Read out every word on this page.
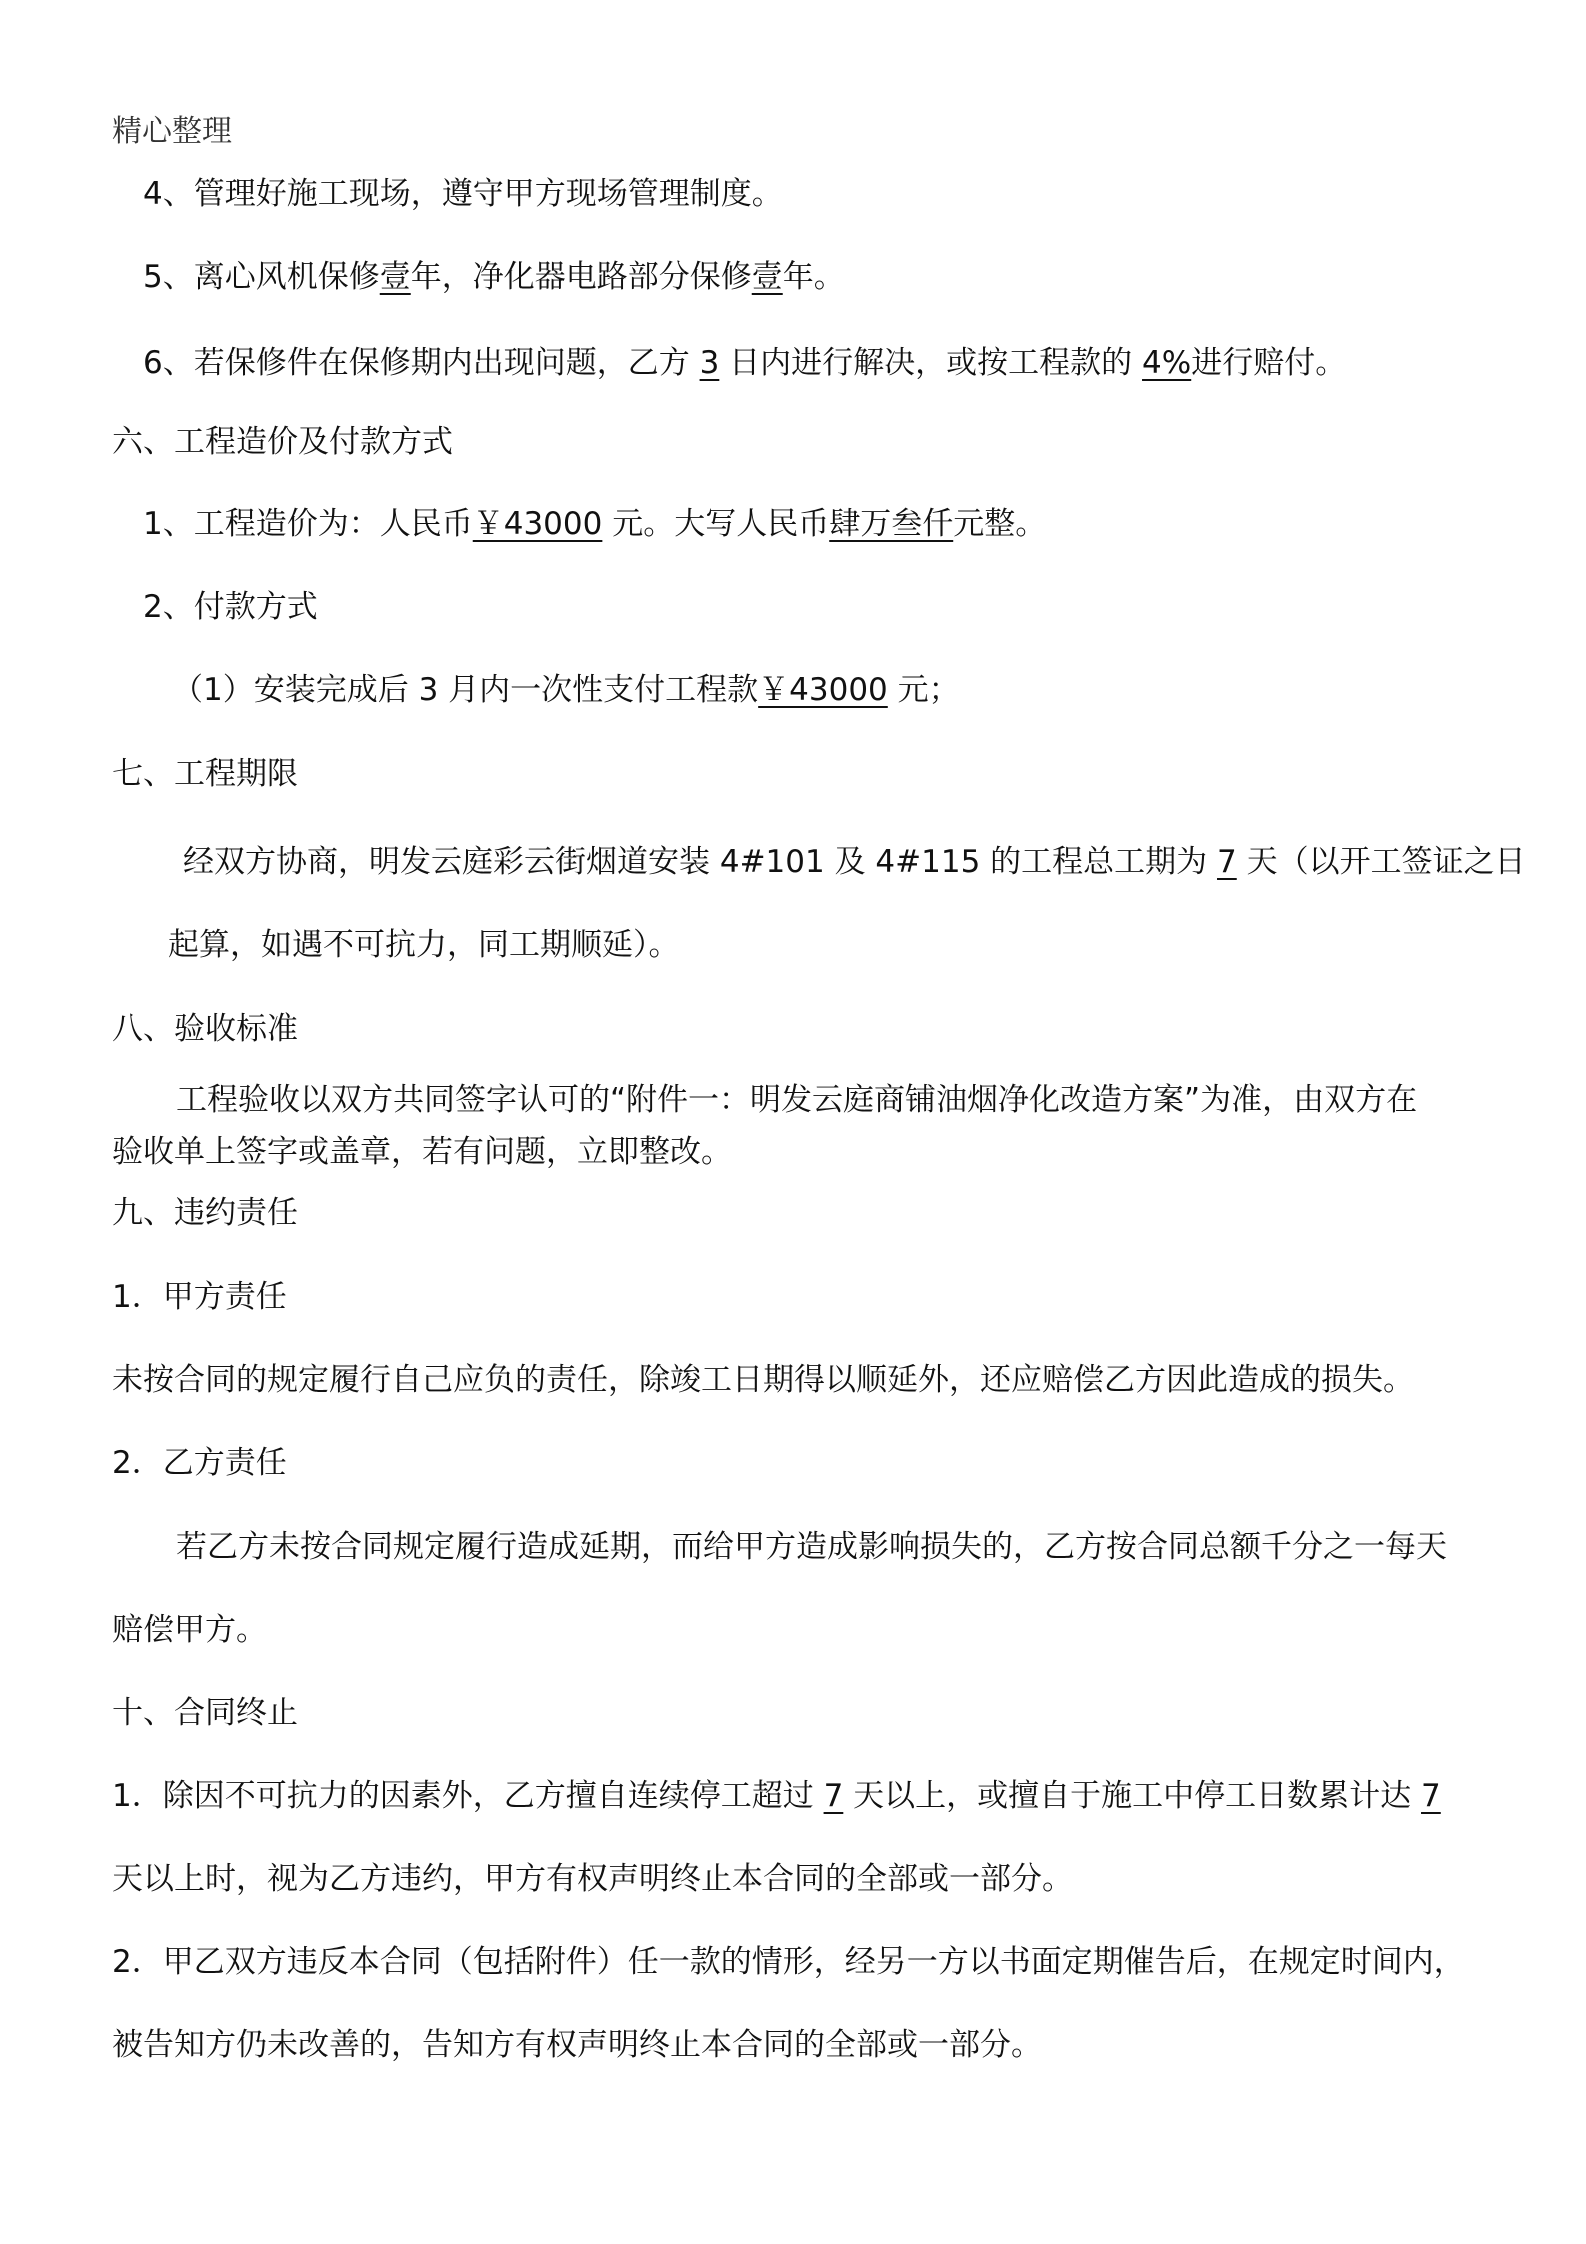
精心整理
4、管理好施工现场，遵守甲方现场管理制度。
5、离心风机保修壹年，净化器电路部分保修壹年。
6、若保修件在保修期内出现问题，乙方 3 日内进行解决，或按工程款的 4%进行赔付。
六、工程造价及付款方式
1、工程造价为：人民币￥43000 元。大写人民币肆万叁仟元整。
2、付款方式
（1）安装完成后 3 月内一次性支付工程款￥43000 元；
七、工程期限
经双方协商，明发云庭彩云街烟道安装 4#101 及 4#115 的工程总工期为 7 天（以开工签证之日
起算，如遇不可抗力，同工期顺延）。
八、验收标准
工程验收以双方共同签字认可的“附件一：明发云庭商铺油烟净化改造方案”为准，由双方在
验收单上签字或盖章，若有问题，立即整改。
九、违约责任
1．甲方责任
未按合同的规定履行自己应负的责任，除竣工日期得以顺延外，还应赔偿乙方因此造成的损失。
2．乙方责任
若乙方未按合同规定履行造成延期，而给甲方造成影响损失的，乙方按合同总额千分之一每天
赔偿甲方。
十、合同终止
1．除因不可抗力的因素外，乙方擅自连续停工超过 7 天以上，或擅自于施工中停工日数累计达 7
天以上时，视为乙方违约，甲方有权声明终止本合同的全部或一部分。
2．甲乙双方违反本合同（包括附件）任一款的情形，经另一方以书面定期催告后，在规定时间内，
被告知方仍未改善的，告知方有权声明终止本合同的全部或一部分。
